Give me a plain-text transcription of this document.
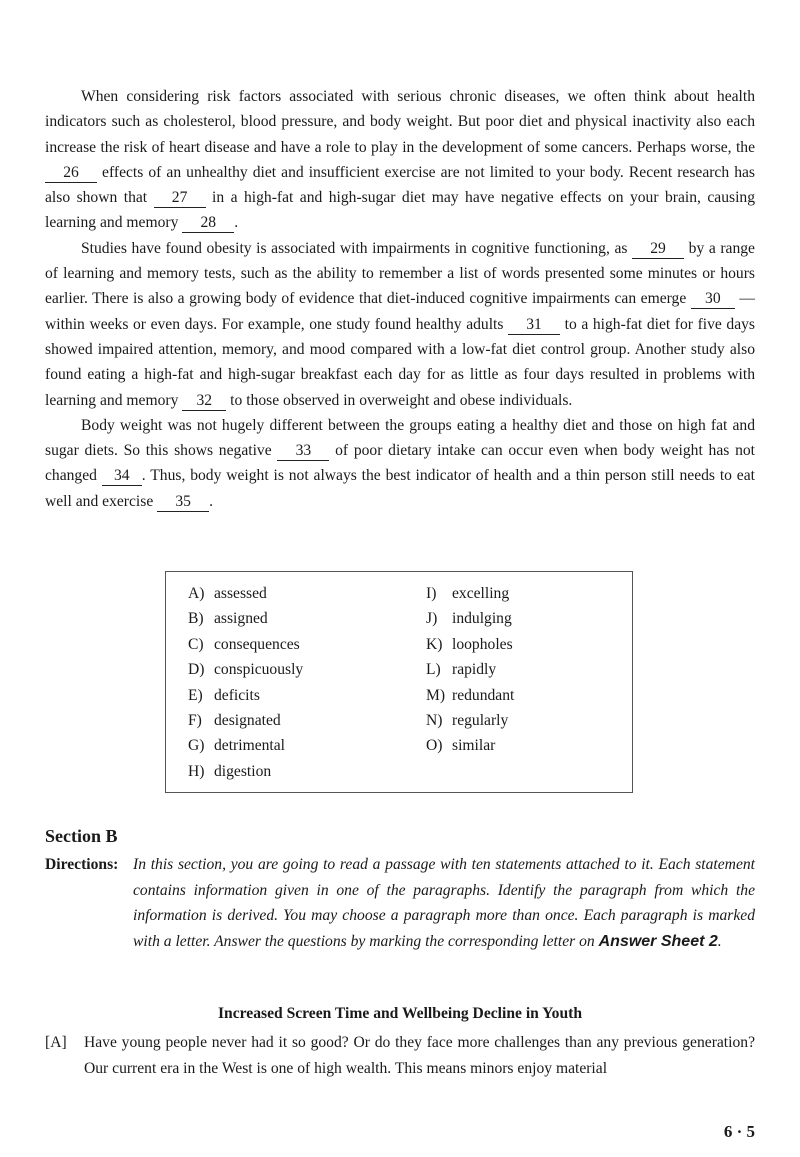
When considering risk factors associated with serious chronic diseases, we often think about health indicators such as cholesterol, blood pressure, and body weight. But poor diet and physical inactivity also each increase the risk of heart disease and have a role to play in the development of some cancers. Perhaps worse, the 26 effects of an unhealthy diet and insufficient exercise are not limited to your body. Recent research has also shown that 27 in a high-fat and high-sugar diet may have negative effects on your brain, causing learning and memory 28 .

Studies have found obesity is associated with impairments in cognitive functioning, as 29 by a range of learning and memory tests, such as the ability to remember a list of words presented some minutes or hours earlier. There is also a growing body of evidence that diet-induced cognitive impairments can emerge 30 —within weeks or even days. For example, one study found healthy adults 31 to a high-fat diet for five days showed impaired attention, memory, and mood compared with a low-fat diet control group. Another study also found eating a high-fat and high-sugar breakfast each day for as little as four days resulted in problems with learning and memory 32 to those observed in overweight and obese individuals.

Body weight was not hugely different between the groups eating a healthy diet and those on high fat and sugar diets. So this shows negative 33 of poor dietary intake can occur even when body weight has not changed 34 . Thus, body weight is not always the best indicator of health and a thin person still needs to eat well and exercise 35 .

A) assessed
B) assigned
C) consequences
D) conspicuously
E) deficits
F) designated
G) detrimental
H) digestion
I) excelling
J) indulging
K) loopholes
L) rapidly
M) redundant
N) regularly
O) similar
Section B
Directions: In this section, you are going to read a passage with ten statements attached to it. Each statement contains information given in one of the paragraphs. Identify the paragraph from which the information is derived. You may choose a paragraph more than once. Each paragraph is marked with a letter. Answer the questions by marking the corresponding letter on Answer Sheet 2.
Increased Screen Time and Wellbeing Decline in Youth
[A] Have young people never had it so good? Or do they face more challenges than any previous generation? Our current era in the West is one of high wealth. This means minors enjoy material
6 · 5
